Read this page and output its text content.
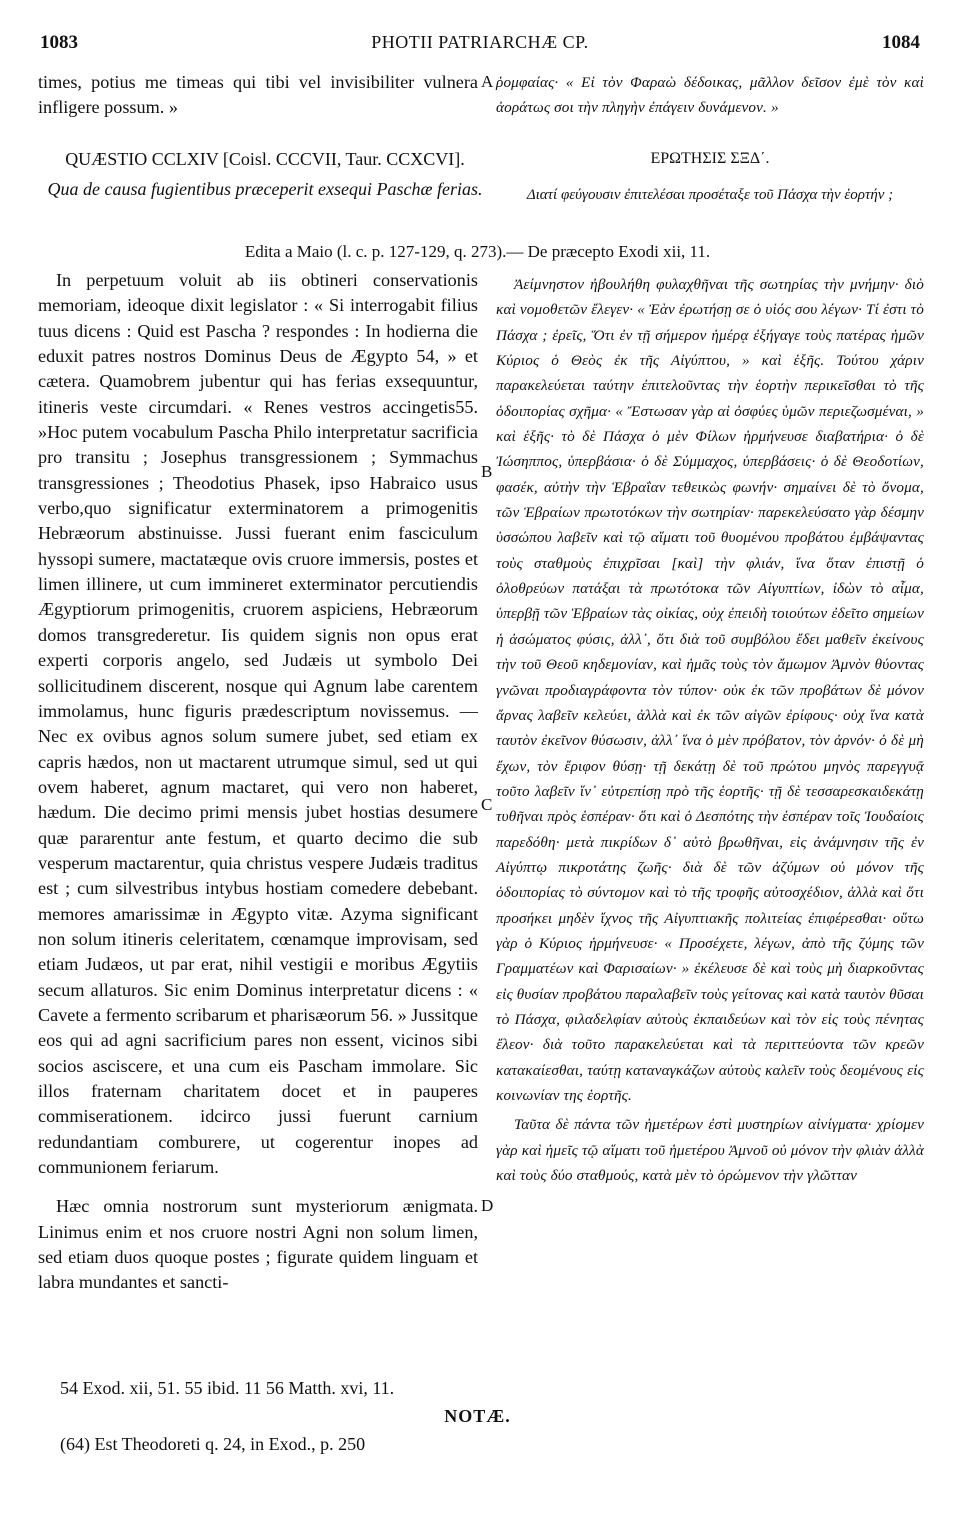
1083	PHOTII PATRIARCHÆ CP.	1084

times, potius me timeas qui tibi vel invisibiliter vulnera infligere possum. »

A ῥομφαίας· « Εἰ τὸν Φαραὼ δέδοικας, μᾶλλον δεῖσον ἐμὲ τὸν καὶ ἀοράτως σοι τὴν πληγὴν ἐπάγειν δυνάμενον. »

QUÆSTIO CCLXIV [Coisl. CCCVII, Taur. CCXCVI].
Qua de causa fugientibus præceperit exsequi Paschæ ferias.
ΕΡΩΤΗΣΙΣ ΣΞΔ΄.
Διατί φεύγουσιν ἐπιτελέσαι προσέταξε τοῦ Πάσχα τὴν ἑορτήν ;
Edita a Maio (l. c. p. 127-129, q. 273).— De præcepto Exodi xii, 11.

In perpetuum voluit ab iis obtineri conservationis memoriam, ideoque dixit legislator : « Si interrogabit filius tuus dicens : Quid est Pascha ? respondes : In hodierna die eduxit patres nostros Dominus Deus de Ægypto 54, » et cætera. Quamobrem jubentur qui has ferias exsequuntur, itineris veste circumdari. « Renes vestros accingetis55. »Hoc putem vocabulum Pascha Philo interpretatur sacrificia pro transitu ; Josephus transgressionem ; Symmachus transgressiones ; Theodotius Phasek, ipso Habraico usus verbo,quo significatur exterminatorem a primogenitis Hebræorum abstinuisse. Jussi fuerant enim fasciculum hyssopi sumere, mactatæque ovis cruore immersis, postes et limen illinere, ut cum immineret exterminator percutiendis Ægyptiorum primogenitis, cruorem aspiciens, Hebræorum domos transgrederetur. Iis quidem signis non opus erat experti corporis angelo, sed Judæis ut symbolo Dei sollicitudinem discerent, nosque qui Agnum labe carentem immolamus, hunc figuris prædescriptum novissemus. — Nec ex ovibus agnos solum sumere jubet, sed etiam ex capris hædos, non ut mactarent utrumque simul, sed ut qui ovem haberet, agnum mactaret, qui vero non haberet, hædum. Die decimo primi mensis jubet hostias desumere quæ pararentur ante festum, et quarto decimo die sub vesperum mactarentur, quia christus vespere Judæis traditus est ; cum silvestribus intybus hostiam comedere debebant. memores amarissimæ in Ægypto vitæ. Azyma significant non solum itineris celeritatem, cœnamque improvisam, sed etiam Judæos, ut par erat, nihil vestigii e moribus Ægytiis secum allaturos. Sic enim Dominus interpretatur dicens : « Cavete a fermento scribarum et pharisæorum 56. » Jussitque eos qui ad agni sacrificium pares non essent, vicinos sibi socios asciscere, et una cum eis Pascham immolare. Sic illos fraternam charitatem docet et in pauperes commiserationem. idcirco jussi fuerunt carnium redundantiam comburere, ut cogerentur inopes ad communionem feriarum.

Hæc omnia nostrorum sunt mysteriorum ænigmata. Linimus enim et nos cruore nostri Agni non solum limen, sed etiam duos quoque postes ; figurate quidem linguam et labra mundantes et sancti-

B
C
D

Ἀείμνηστον ἠβουλήθη φυλαχθῆναι τῆς σωτηρίας τὴν μνήμην· διὸ καὶ νομοθετῶν ἔλεγεν· « Ἐὰν ἐρωτήσῃ σε ὁ υἱός σου λέγων· Τί ἐστι τὸ Πάσχα ; ἐρεῖς, Ὅτι ἐν τῇ σήμερον ἡμέρᾳ ἐξήγαγε τοὺς πατέρας ἡμῶν Κύριος ὁ Θεὸς ἐκ τῆς Αἰγύπτου, » καὶ ἑξῆς. Τούτου χάριν παρακελεύεται ταύτην ἐπιτελοῦντας τὴν ἑορτὴν περικεῖσθαι τὸ τῆς ὁδοιπορίας σχῆμα· « Ἔστωσαν γὰρ αἱ ὀσφύες ὑμῶν περιεζωσμέναι, » καὶ ἑξῆς· τὸ δὲ Πάσχα ὁ μὲν Φίλων ἡρμήνευσε διαβατήρια· ὁ δὲ Ἰώσηππος, ὑπερβάσια· ὁ δὲ Σύμμαχος, ὑπερβάσεις· ὁ δὲ Θεοδοτίων, φασέκ, αὐτὴν τὴν Ἑβραΐαν τεθεικὼς φωνήν· σημαίνει δὲ τὸ ὄνομα, τῶν Ἑβραίων πρωτοτόκων τὴν σωτηρίαν· παρεκελεύσατο γὰρ δέσμην ὑσσώπου λαβεῖν καὶ τῷ αἵματι τοῦ θυομένου προβάτου ἐμβάψαντας τοὺς σταθμοὺς ἐπιχρῖσαι [καὶ] τὴν φλιάν, ἵνα ὅταν ἐπιστῇ ὁ ὀλοθρεύων πατάξαι τὰ πρωτότοκα τῶν Αἰγυπτίων, ἰδὼν τὸ αἷμα, ὑπερβῇ τῶν Ἑβραίων τὰς οἰκίας, οὐχ ἐπειδὴ τοιούτων ἐδεῖτο σημείων ἡ ἀσώματος φύσις, ἀλλ᾽, ὅτι διὰ τοῦ συμβόλου ἔδει μαθεῖν ἐκείνους τὴν τοῦ Θεοῦ κηδεμονίαν, καὶ ἡμᾶς τοὺς τὸν ἄμωμον Ἀμνὸν θύοντας γνῶναι προδιαγράφοντα τὸν τύπον· οὐκ ἐκ τῶν προβάτων δὲ μόνον ἄρνας λαβεῖν κελεύει, ἀλλὰ καὶ ἐκ τῶν αἰγῶν ἐρίφους· οὐχ ἵνα κατὰ ταυτὸν ἐκεῖνον θύσωσιν, ἀλλ᾽ ἵνα ὁ μὲν πρόβατον, τὸν ἀρνόν· ὁ δὲ μὴ ἔχων, τὸν ἔριφον θύσῃ· τῇ δεκάτῃ δὲ τοῦ πρώτου μηνὸς παρεγγυᾷ τοῦτο λαβεῖν ἵν᾽ εὐτρεπίσῃ πρὸ τῆς ἑορτῆς· τῇ δὲ τεσσαρεσκαιδεκάτῃ τυθῆναι πρὸς ἑσπέραν· ὅτι καὶ ὁ Δεσπότης τὴν ἑσπέραν τοῖς Ἰουδαίοις παρεδόθη· μετὰ πικρίδων δ᾽ αὐτὸ βρωθῆναι, εἰς ἀνάμνησιν τῆς ἐν Αἰγύπτῳ πικροτάτης ζωῆς· διὰ δὲ τῶν ἀζύμων οὐ μόνον τῆς ὁδοιπορίας τὸ σύντομον καὶ τὸ τῆς τροφῆς αὐτοσχέδιον, ἀλλὰ καὶ ὅτι προσήκει μηδὲν ἴχνος τῆς Αἰγυπτιακῆς πολιτείας ἐπιφέρεσθαι· οὕτω γὰρ ὁ Κύριος ἡρμήνευσε· « Προσέχετε, λέγων, ἀπὸ τῆς ζύμης τῶν Γραμματέων καὶ Φαρισαίων· » ἐκέλευσε δὲ καὶ τοὺς μὴ διαρκοῦντας εἰς θυσίαν προβάτου παραλαβεῖν τοὺς γείτονας καὶ κατὰ ταυτὸν θῦσαι τὸ Πάσχα, φιλαδελφίαν αὐτοὺς ἐκπαιδεύων καὶ τὸν εἰς τοὺς πένητας ἔλεον· διὰ τοῦτο παρακελεύεται καὶ τὰ περιττεύοντα τῶν κρεῶν κατακαίεσθαι, ταύτῃ καταναγκάζων αὐτοὺς καλεῖν τοὺς δεομένους εἰς κοινωνίαν της ἑορτῆς.

Ταῦτα δὲ πάντα τῶν ἡμετέρων ἐστὶ μυστηρίων αἰνίγματα· χρίομεν γὰρ καὶ ἡμεῖς τῷ αἵματι τοῦ ἡμετέρου Ἀμνοῦ οὐ μόνον τὴν φλιὰν ἀλλὰ καὶ τοὺς δύο σταθμούς, κατὰ μὲν τὸ ὁρώμενον τὴν γλῶτταν

54 Exod. xii, 51. 55 ibid. 11 56 Matth. xvi, 11.
NOTÆ.
(64) Est Theodoreti q. 24, in Exod., p. 250
